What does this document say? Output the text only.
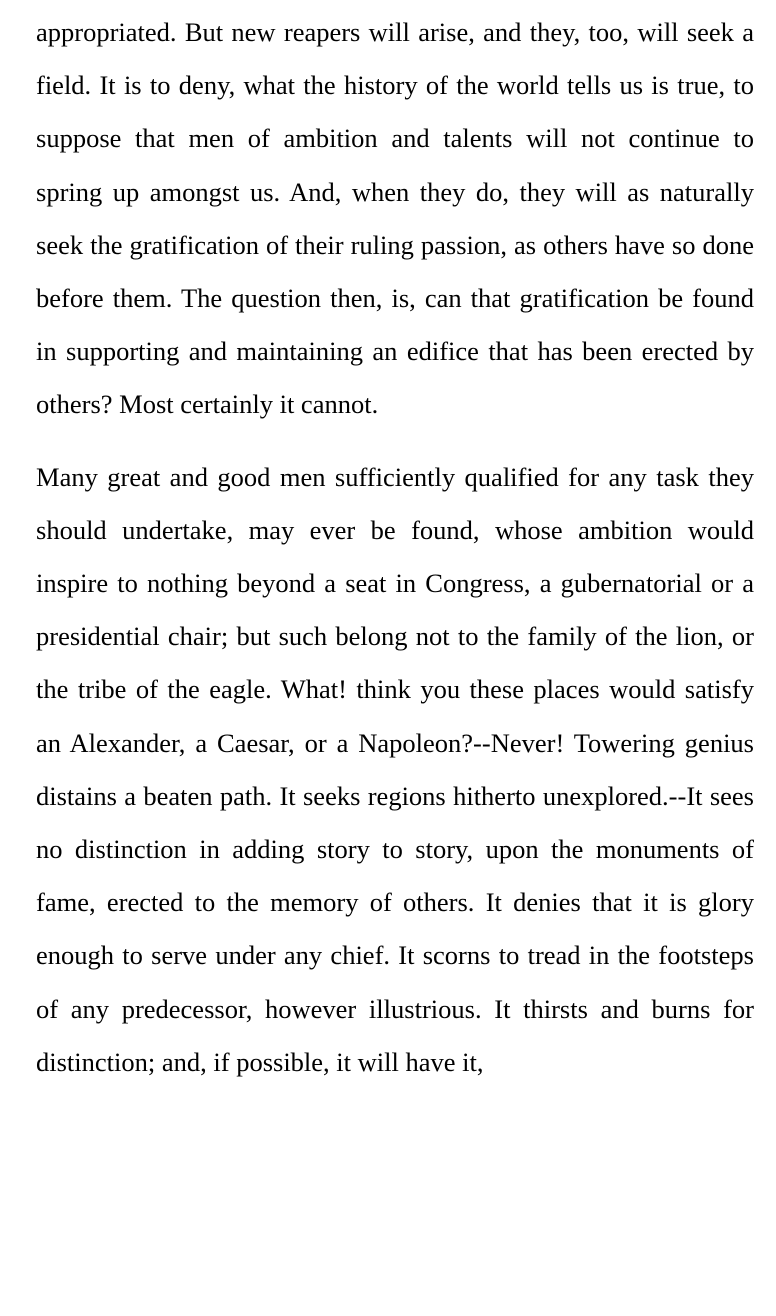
appropriated. But new reapers will arise, and they, too, will seek a field. It is to deny, what the history of the world tells us is true, to suppose that men of ambition and talents will not continue to spring up amongst us. And, when they do, they will as naturally seek the gratification of their ruling passion, as others have so done before them. The question then, is, can that gratification be found in supporting and maintaining an edifice that has been erected by others? Most certainly it cannot.

Many great and good men sufficiently qualified for any task they should undertake, may ever be found, whose ambition would inspire to nothing beyond a seat in Congress, a gubernatorial or a presidential chair; but such belong not to the family of the lion, or the tribe of the eagle. What! think you these places would satisfy an Alexander, a Caesar, or a Napoleon?--Never! Towering genius distains a beaten path. It seeks regions hitherto unexplored.--It sees no distinction in adding story to story, upon the monuments of fame, erected to the memory of others. It denies that it is glory enough to serve under any chief. It scorns to tread in the footsteps of any predecessor, however illustrious. It thirsts and burns for distinction; and, if possible, it will have it,
